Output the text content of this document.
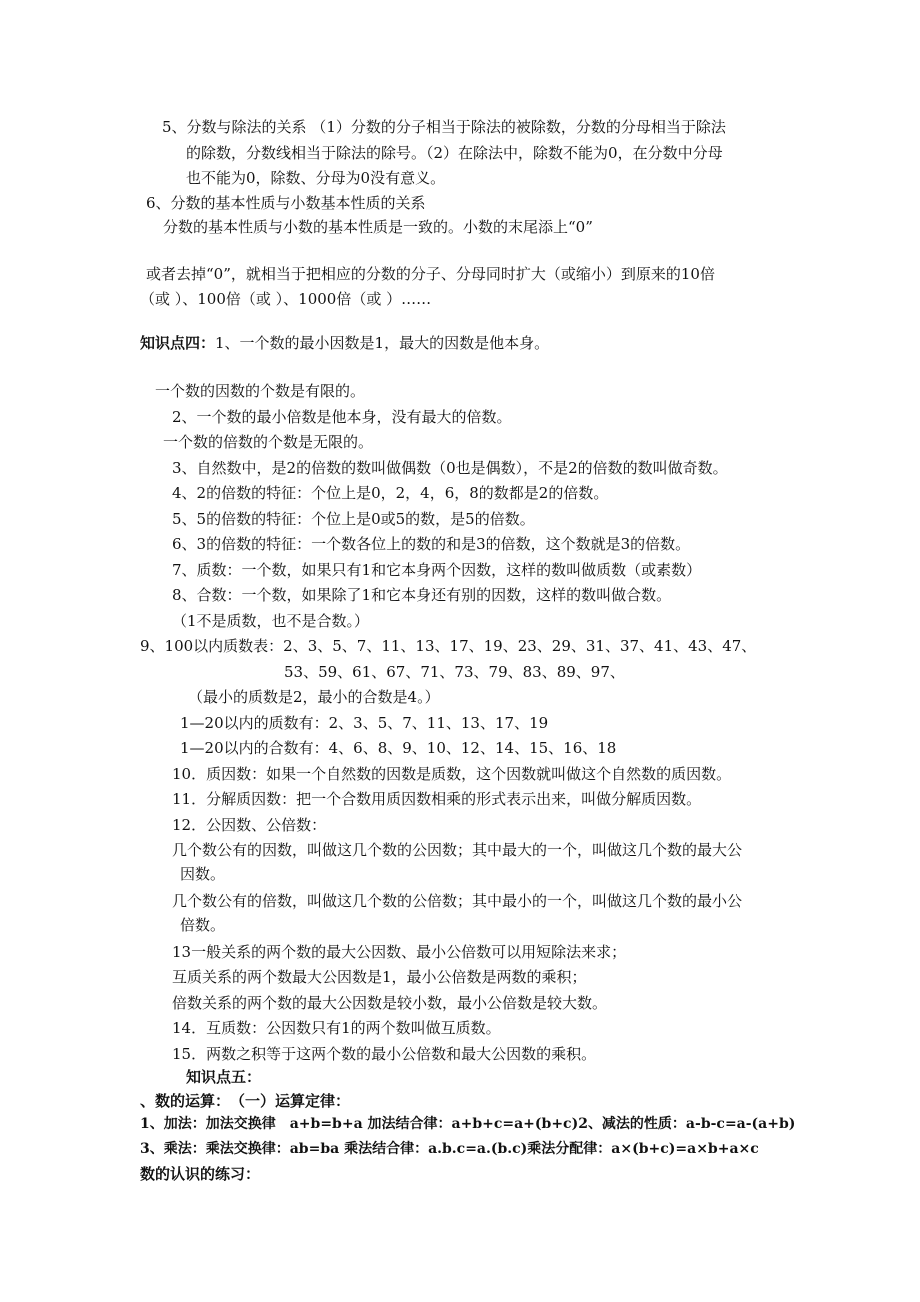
5、分数与除法的关系 （1）分数的分子相当于除法的被除数，分数的分母相当于除法
的除数，分数线相当于除法的除号。（2）在除法中，除数不能为0，在分数中分母
也不能为0，除数、分母为0没有意义。
6、分数的基本性质与小数基本性质的关系
分数的基本性质与小数的基本性质是一致的。小数的末尾添上“0”
或者去掉“0”，就相当于把相应的分数的分子、分母同时扩大（或缩小）到原来的10倍
（或 ）、100倍（或 ）、1000倍（或 ）……
知识点四：1、一个数的最小因数是1，最大的因数是他本身。
一个数的因数的个数是有限的。
2、一个数的最小倍数是他本身，没有最大的倍数。
一个数的倍数的个数是无限的。
3、自然数中，是2的倍数的数叫做偶数（0也是偶数），不是2的倍数的数叫做奇数。
4、2的倍数的特征：个位上是0，2，4，6，8的数都是2的倍数。
5、5的倍数的特征：个位上是0或5的数，是5的倍数。
6、3的倍数的特征：一个数各位上的数的和是3的倍数，这个数就是3的倍数。
7、质数：一个数，如果只有1和它本身两个因数，这样的数叫做质数（或素数）
8、合数：一个数，如果除了1和它本身还有别的因数，这样的数叫做合数。
（1不是质数，也不是合数。）
9、100以内质数表：2、3、5、7、11、13、17、19、23、29、31、37、41、43、47、
53、59、61、67、71、73、79、83、89、97、
（最小的质数是2，最小的合数是4。）
1—20以内的质数有：2、3、5、7、11、13、17、19
1—20以内的合数有：4、6、8、9、10、12、14、15、16、18
10．质因数：如果一个自然数的因数是质数，这个因数就叫做这个自然数的质因数。
11．分解质因数：把一个合数用质因数相乘的形式表示出来，叫做分解质因数。
12．公因数、公倍数：
几个数公有的因数，叫做这几个数的公因数；其中最大的一个，叫做这几个数的最大公
因数。
几个数公有的倍数，叫做这几个数的公倍数；其中最小的一个，叫做这几个数的最小公
倍数。
13一般关系的两个数的最大公因数、最小公倍数可以用短除法来求；
互质关系的两个数最大公因数是1，最小公倍数是两数的乘积；
倍数关系的两个数的最大公因数是较小数，最小公倍数是较大数。
14．互质数：公因数只有1的两个数叫做互质数。
15．两数之积等于这两个数的最小公倍数和最大公因数的乘积。
知识点五：
、数的运算：　（一）运算定律：
1、加法：加法交换律　a+b=b+a 加法结合律：a+b+c=a+(b+c)2、减法的性质：a-b-c=a-(a+b)
3、乘法：乘法交换律：ab=ba 乘法结合律：a.b.c=a.(b.c)乘法分配律：a×(b+c)=a×b+a×c
数的认识的练习：
